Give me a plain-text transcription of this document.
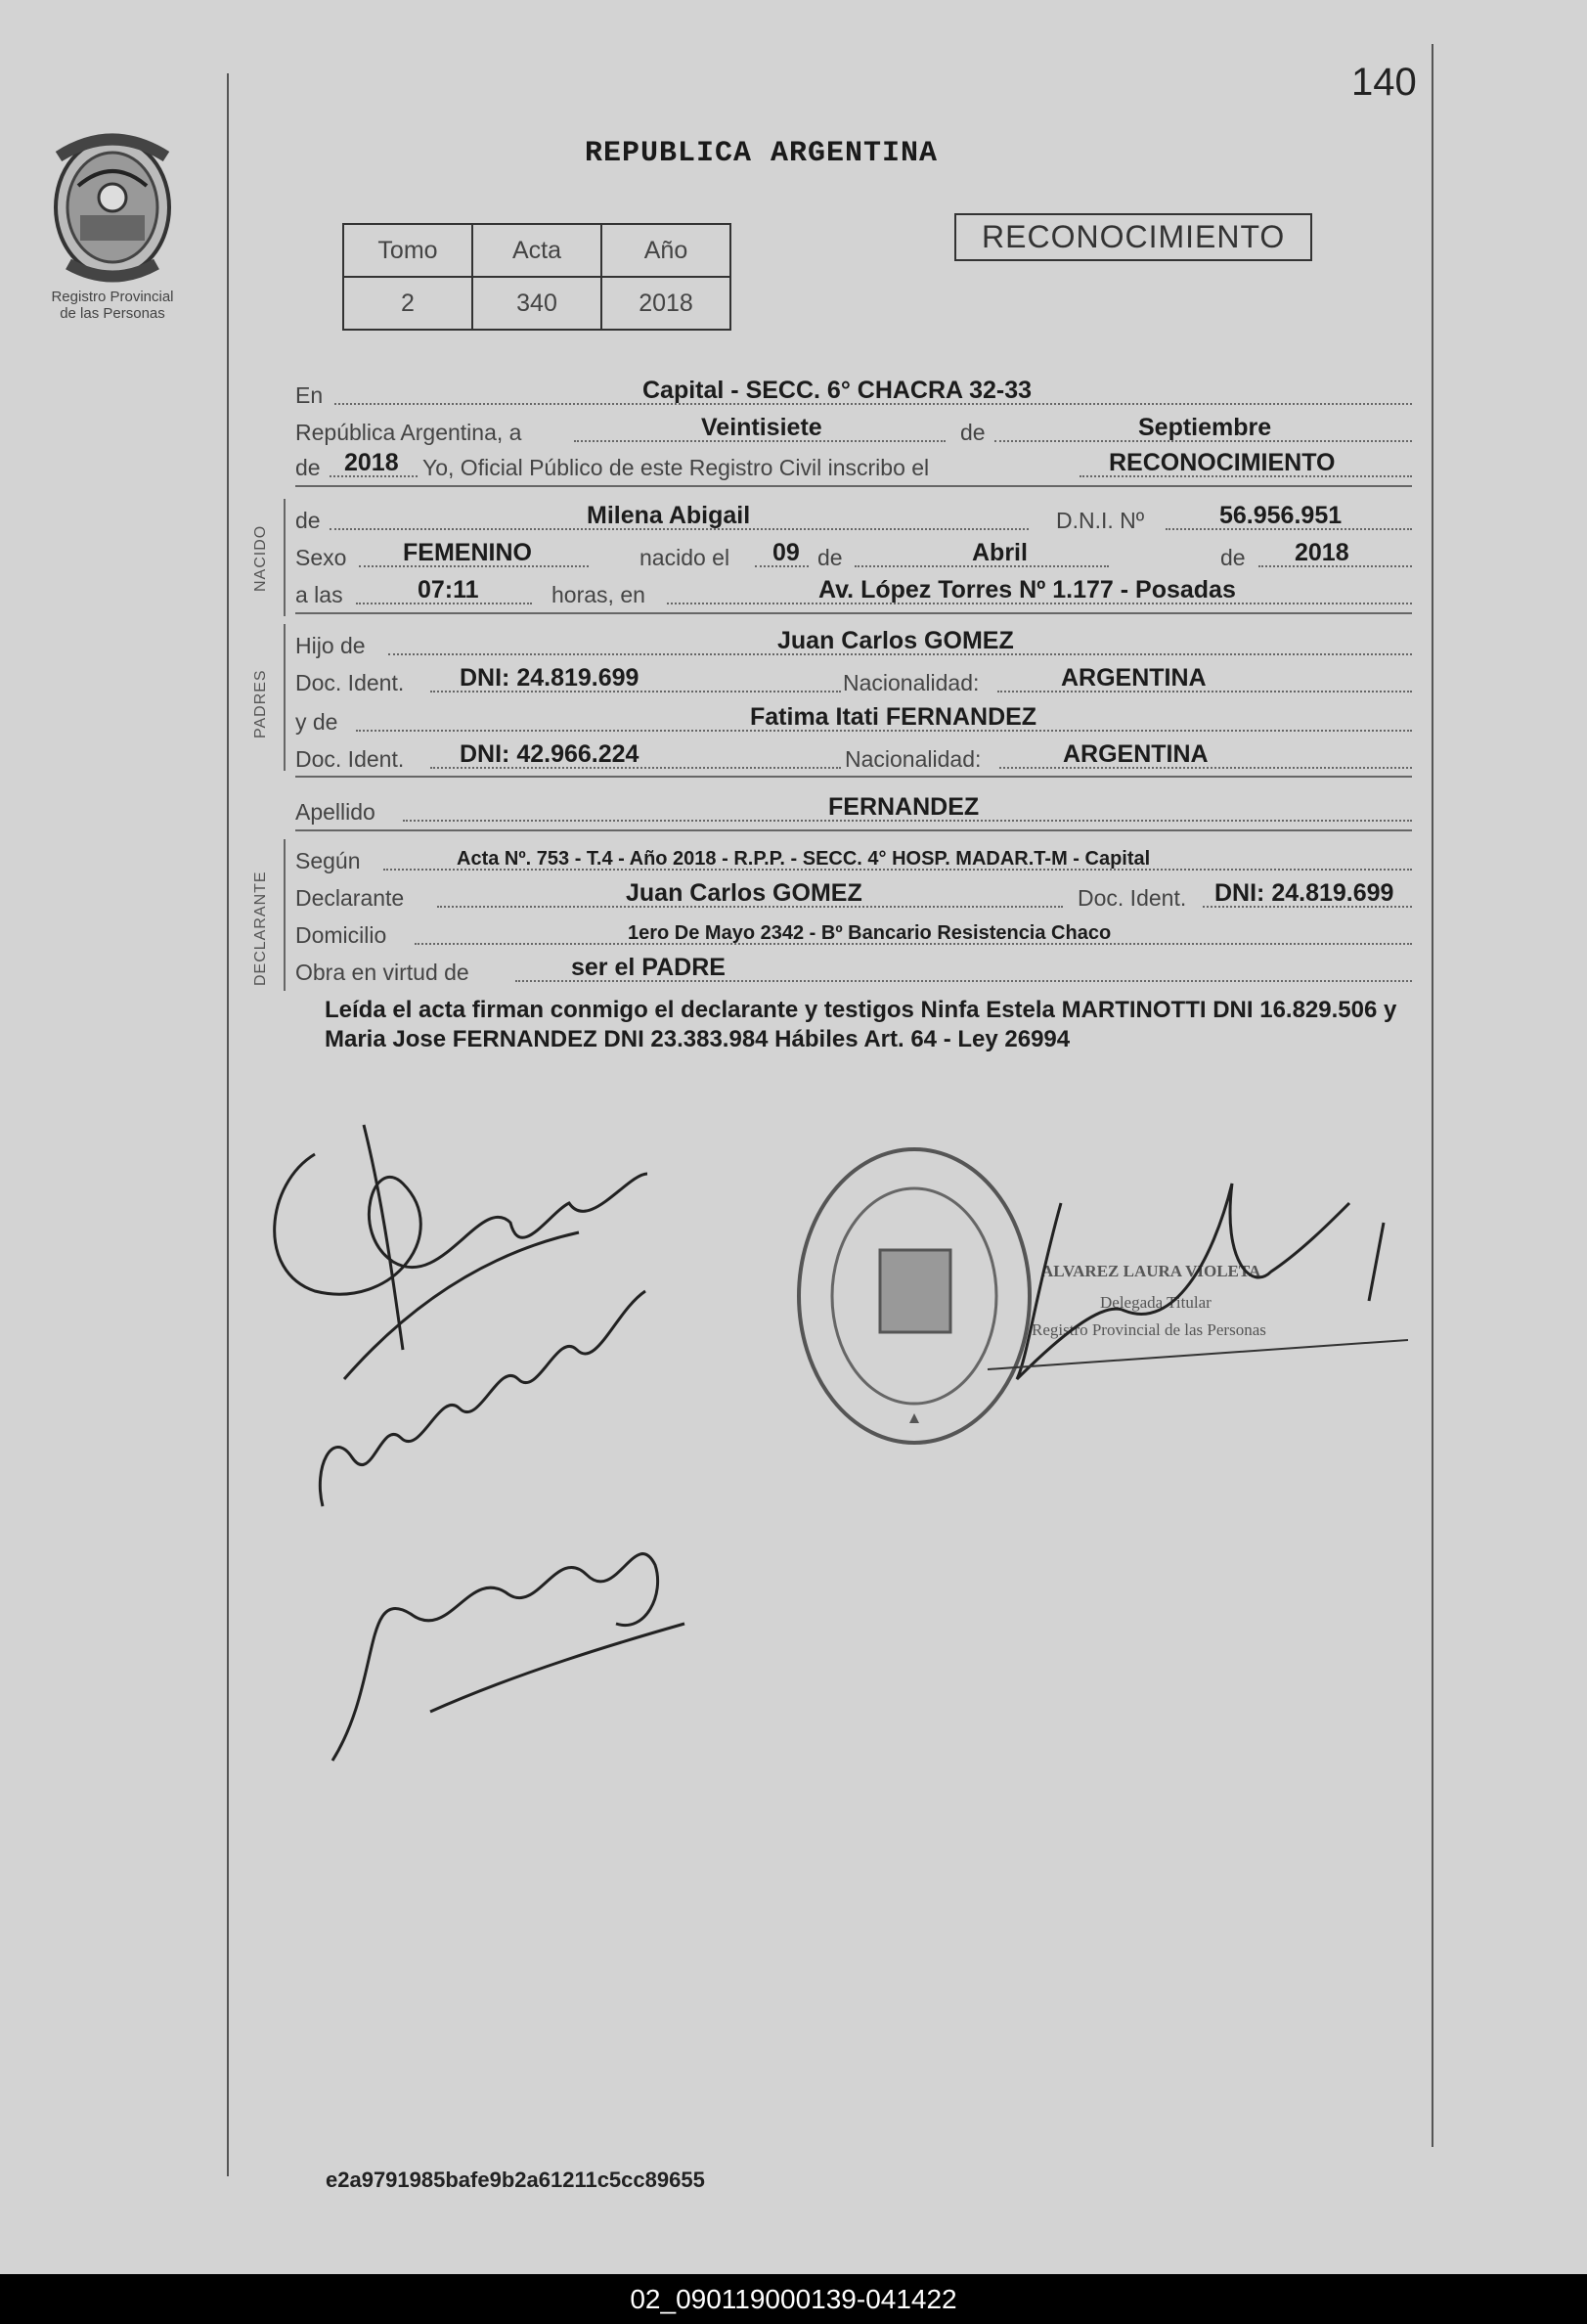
140
Registro Provincial
de las Personas
REPUBLICA ARGENTINA
Tomo	Acta	Año
2	340	2018
RECONOCIMIENTO
En	Capital - SECC. 6° CHACRA 32-33
República Argentina, a	Veintisiete	de	Septiembre
de 2018 Yo, Oficial Público de este Registro Civil inscribo el	RECONOCIMIENTO
NACIDO
de	Milena Abigail	D.N.I. Nº	56.956.951
Sexo FEMENINO	nacido el 09 de	Abril	de 2018
a las	07:11	horas, en	Av. López Torres Nº 1.177 - Posadas
PADRES
Hijo de	Juan Carlos GOMEZ
Doc. Ident. DNI: 24.819.699	Nacionalidad:	ARGENTINA
y de	Fatima Itati FERNANDEZ
Doc. Ident. DNI: 42.966.224	Nacionalidad:	ARGENTINA
Apellido	FERNANDEZ
DECLARANTE
Según	Acta Nº. 753 - T.4 - Año 2018 - R.P.P. - SECC. 4° HOSP. MADAR.T-M - Capital
Declarante	Juan Carlos GOMEZ	Doc. Ident. DNI: 24.819.699
Domicilio	1ero De Mayo 2342 - Bº Bancario Resistencia Chaco
Obra en virtud de	ser el PADRE
Leída el acta firman conmigo el declarante y testigos Ninfa Estela MARTINOTTI DNI 16.829.506 y Maria Jose FERNANDEZ DNI 23.383.984 Hábiles Art. 64 - Ley 26994
ALVAREZ LAURA VIOLETA
Delegada Titular
Registro Provincial de las Personas
e2a9791985bafe9b2a61211c5cc89655
02_090119000139-041422
